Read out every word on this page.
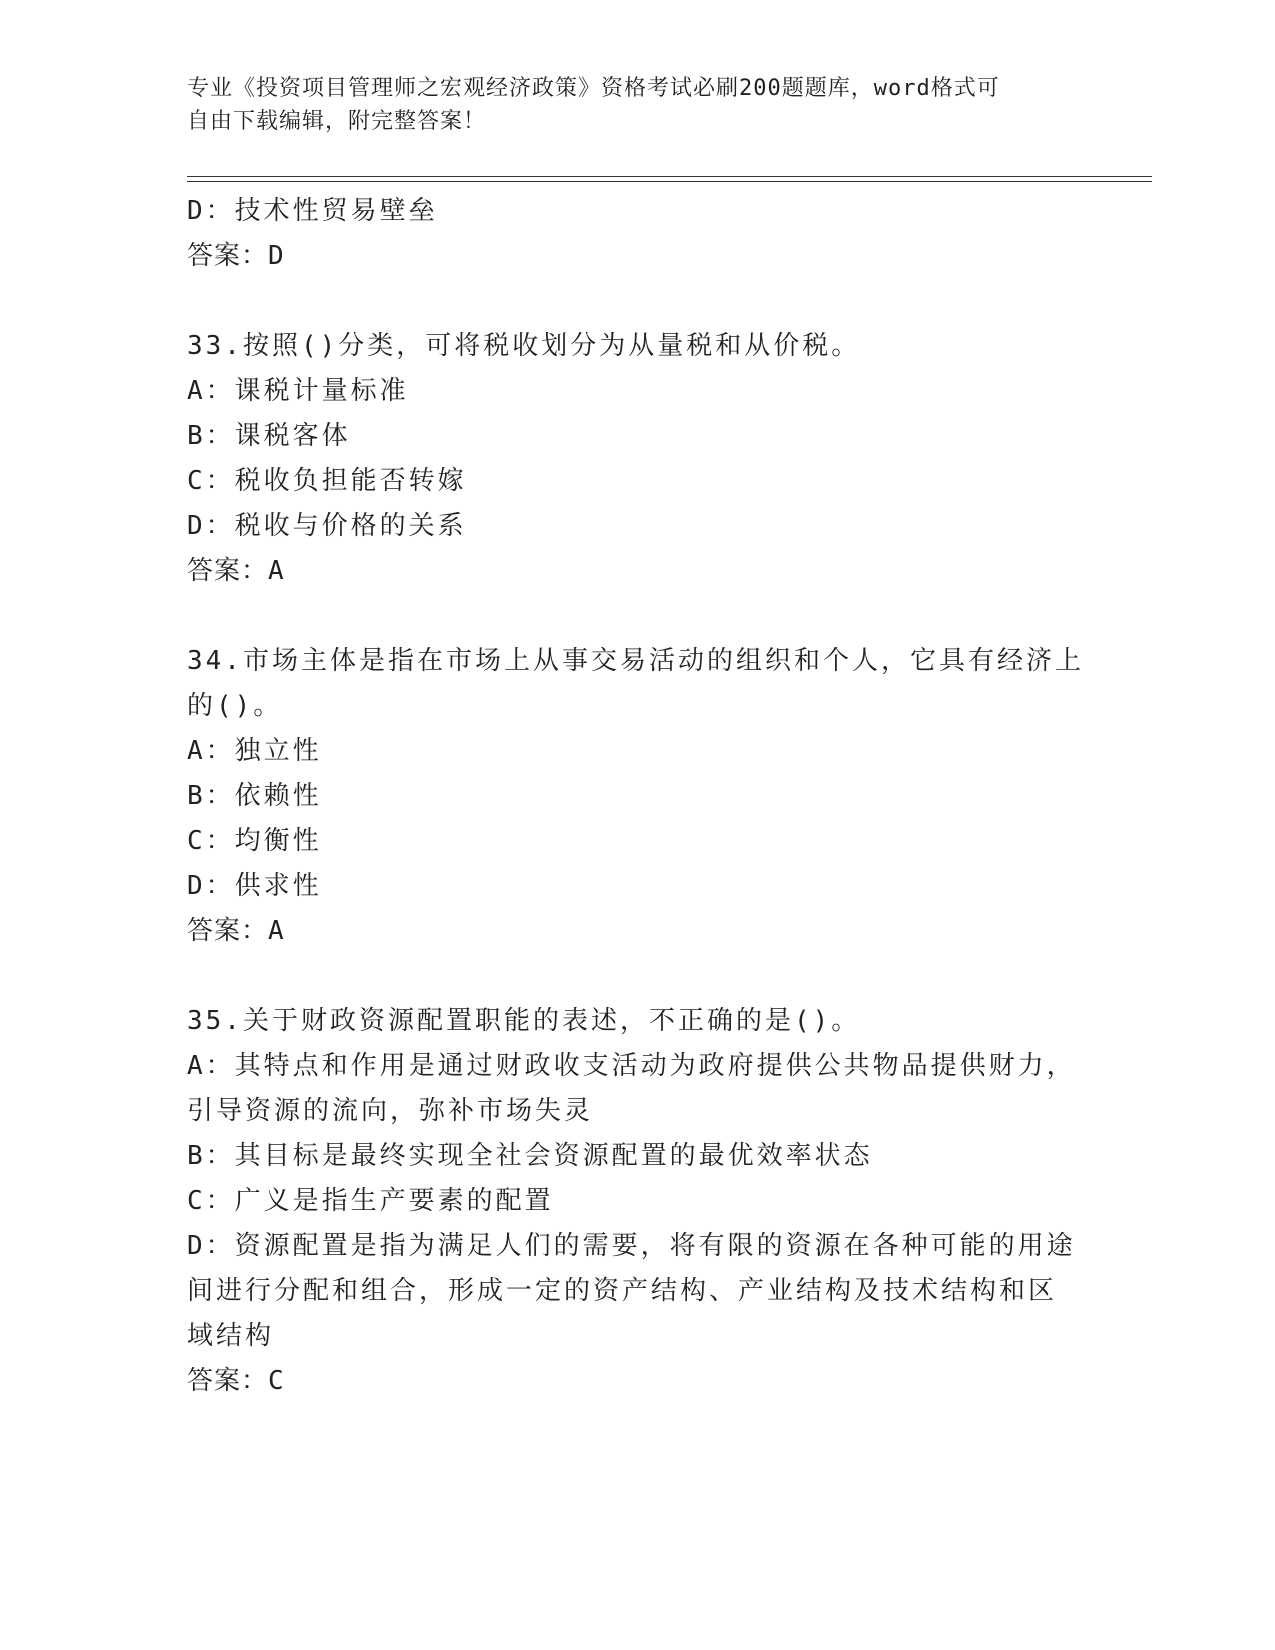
专业《投资项目管理师之宏观经济政策》资格考试必刷200题题库，word格式可
自由下载编辑，附完整答案！
D：技术性贸易壁垒
答案：D
33.按照()分类，可将税收划分为从量税和从价税。
A：课税计量标准
B：课税客体
C：税收负担能否转嫁
D：税收与价格的关系
答案：A
34.市场主体是指在市场上从事交易活动的组织和个人，它具有经济上
的()。
A：独立性
B：依赖性
C：均衡性
D：供求性
答案：A
35.关于财政资源配置职能的表述，不正确的是()。
A：其特点和作用是通过财政收支活动为政府提供公共物品提供财力，
引导资源的流向，弥补市场失灵
B：其目标是最终实现全社会资源配置的最优效率状态
C：广义是指生产要素的配置
D：资源配置是指为满足人们的需要，将有限的资源在各种可能的用途
间进行分配和组合，形成一定的资产结构、产业结构及技术结构和区
域结构
答案：C
